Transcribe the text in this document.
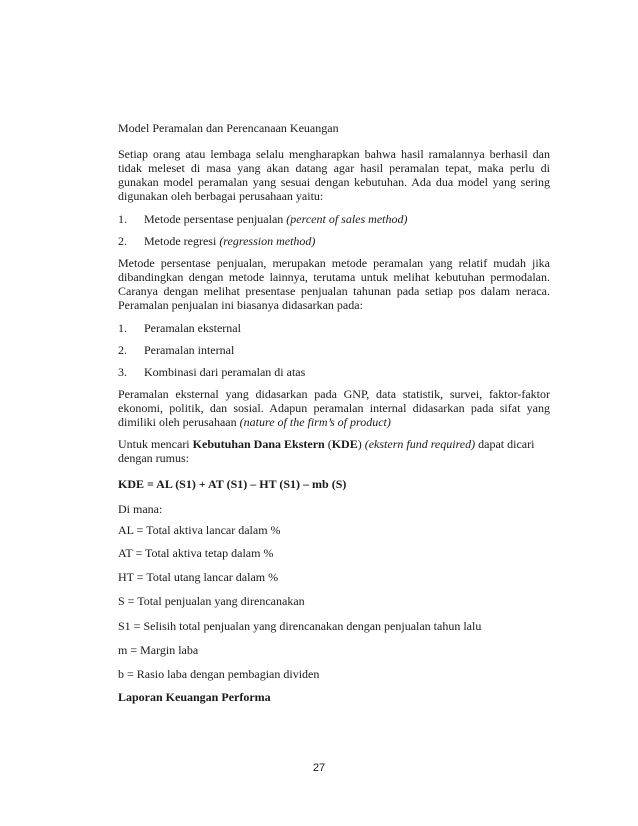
Model Peramalan dan Perencanaan Keuangan

Setiap orang atau lembaga selalu mengharapkan bahwa hasil ramalannya berhasil dan tidak meleset di masa yang akan datang agar hasil peramalan tepat, maka perlu di gunakan model peramalan yang sesuai dengan kebutuhan. Ada dua model yang sering digunakan oleh berbagai perusahaan yaitu:

1. Metode persentase penjualan (percent of sales method)
2. Metode regresi (regression method)

Metode persentase penjualan, merupakan metode peramalan yang relatif mudah jika dibandingkan dengan metode lainnya, terutama untuk melihat kebutuhan permodalan. Caranya dengan melihat presentase penjualan tahunan pada setiap pos dalam neraca. Peramalan penjualan ini biasanya didasarkan pada:

1. Peramalan eksternal
2. Peramalan internal
3. Kombinasi dari peramalan di atas

Peramalan eksternal yang didasarkan pada GNP, data statistik, survei, faktor-faktor ekonomi, politik, dan sosial. Adapun peramalan internal didasarkan pada sifat yang dimiliki oleh perusahaan (nature of the firm’s of product)

Untuk mencari Kebutuhan Dana Ekstern (KDE) (ekstern fund required) dapat dicari
dengan rumus:
KDE = AL (S1) + AT (S1) – HT (S1) – mb (S)
Di mana:
AL = Total aktiva lancar dalam %
AT = Total aktiva tetap dalam %
HT = Total utang lancar dalam %
S = Total penjualan yang direncanakan
S1 = Selisih total penjualan yang direncanakan dengan penjualan tahun lalu
m = Margin laba
b = Rasio laba dengan pembagian dividen
Laporan Keuangan Performa
27
